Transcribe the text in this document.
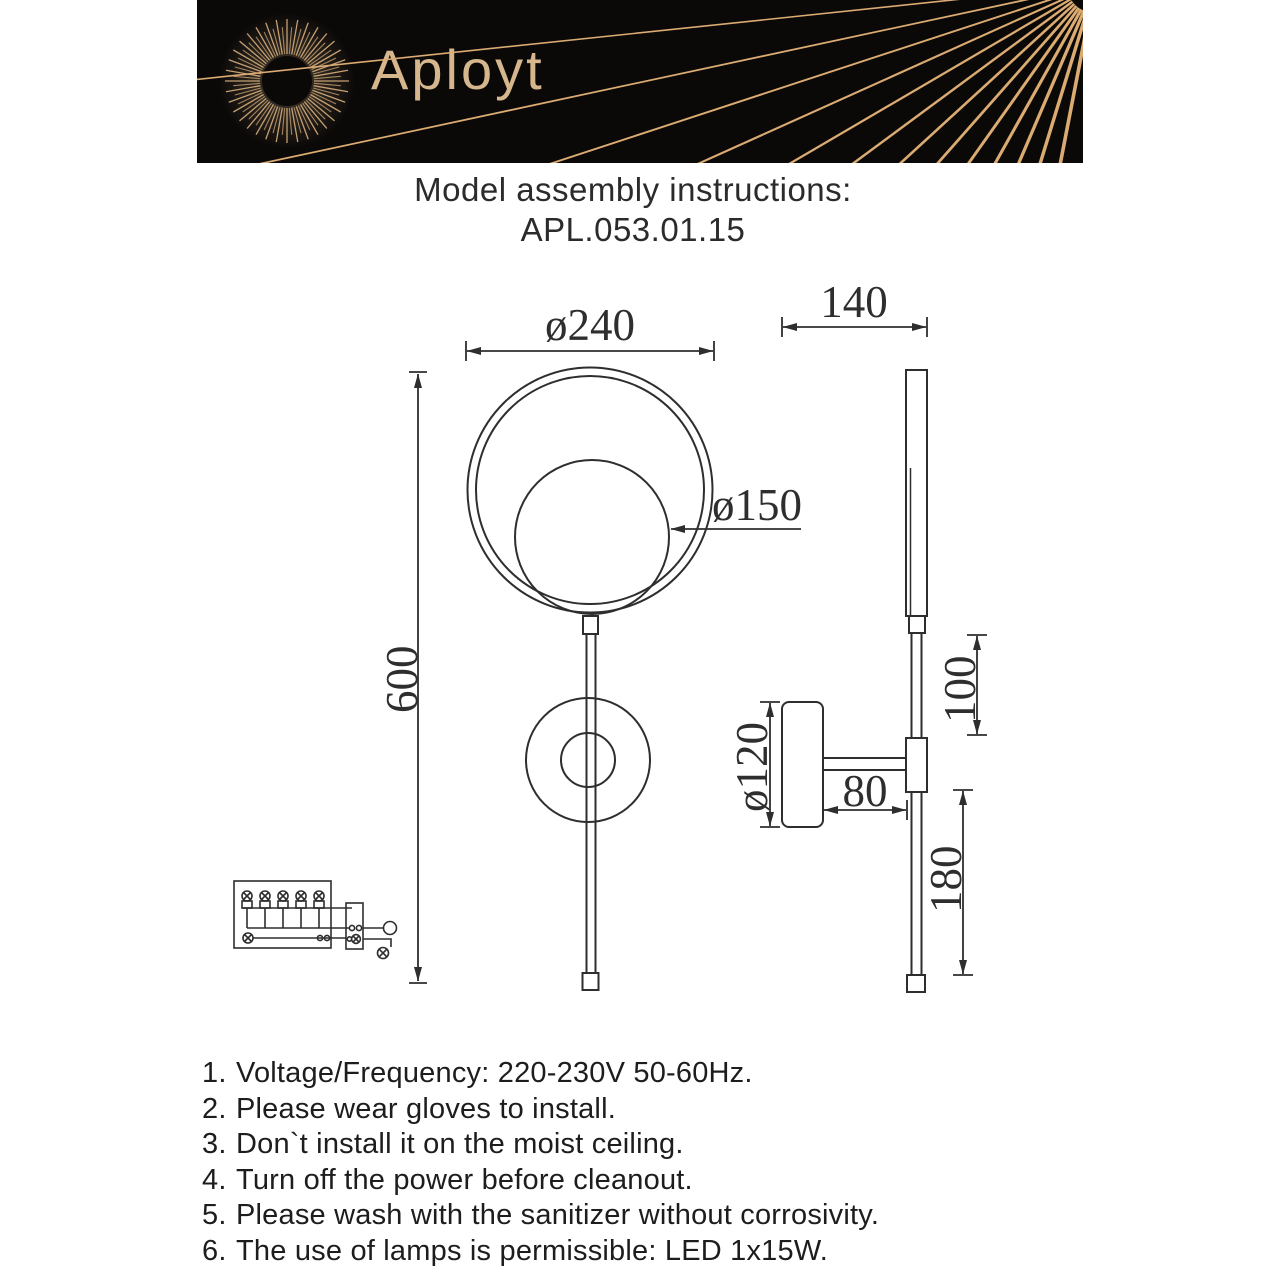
Aployt
Model assembly instructions:
APL.053.01.15
ø240
ø150
600
140
ø120 80
100
180
1. Voltage/Frequency: 220-230V 50-60Hz.
2. Please wear gloves to install.
3. Don`t install it on the moist ceiling.
4. Turn off the power before cleanout.
5. Please wash with the sanitizer without corrosivity.
6. The use of lamps is permissible: LED 1x15W.
